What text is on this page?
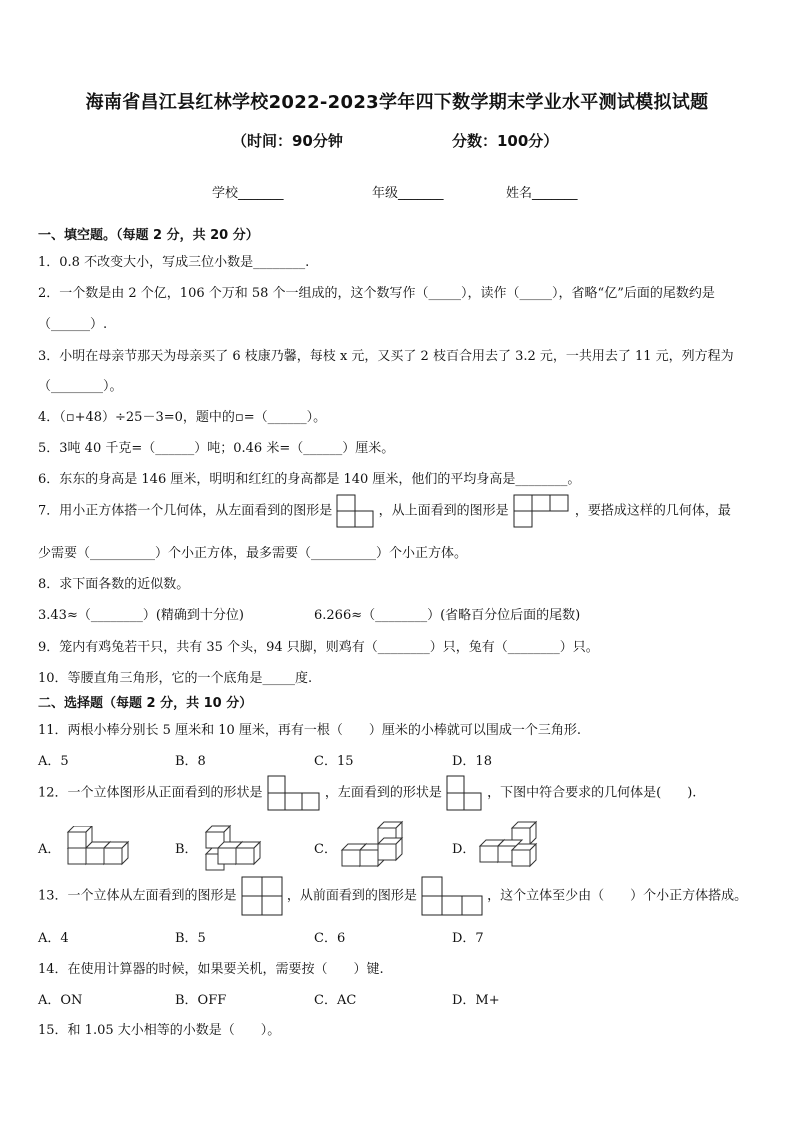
海南省昌江县红林学校2022-2023学年四下数学期末学业水平测试模拟试题
（时间：90分钟	分数：100分）
学校_______	年级_______	姓名_______
一、填空题。（每题 2 分，共 20 分）
1．0.8 不改变大小，写成三位小数是________.
2．一个数是由 2 个亿，106 个万和 58 个一组成的，这个数写作（_____），读作（_____），省略“亿”后面的尾数约是
（______）.
3．小明在母亲节那天为母亲买了 6 枝康乃馨，每枝 x 元，又买了 2 枝百合用去了 3.2 元，一共用去了 11 元，列方程为
（________）。
4．（▫+48）÷25－3=0，题中的▫=（______）。
5．3吨 40 千克=（______）吨；0.46 米=（______）厘米。
6．东东的身高是 146 厘米，明明和红红的身高都是 140 厘米，他们的平均身高是________。
7．用小正方体搭一个几何体，从左面看到的图形是	，从上面看到的图形是	，要搭成这样的几何体，最
少需要（__________）个小正方体，最多需要（__________）个小正方体。
8．求下面各数的近似数。
3.43≈（________）(精确到十分位)	6.266≈（________）(省略百分位后面的尾数)
9．笼内有鸡兔若干只，共有 35 个头，94 只脚，则鸡有（________）只，兔有（________）只。
10．等腰直角三角形，它的一个底角是_____度.
二、选择题（每题 2 分，共 10 分）
11．两根小棒分别长 5 厘米和 10 厘米，再有一根（　　）厘米的小棒就可以围成一个三角形.
A．5	B．8	C．15	D．18
12．一个立体图形从正面看到的形状是	，左面看到的形状是	，下图中符合要求的几何体是(　　).
A．	B．	C．	D．
13．一个立体从左面看到的图形是	，从前面看到的图形是	，这个立体至少由（　　）个小正方体搭成。
A．4	B．5	C．6	D．7
14．在使用计算器的时候，如果要关机，需要按（　　）键.
A．ON	B．OFF	C．AC	D．M+
15．和 1.05 大小相等的小数是（　　）。
